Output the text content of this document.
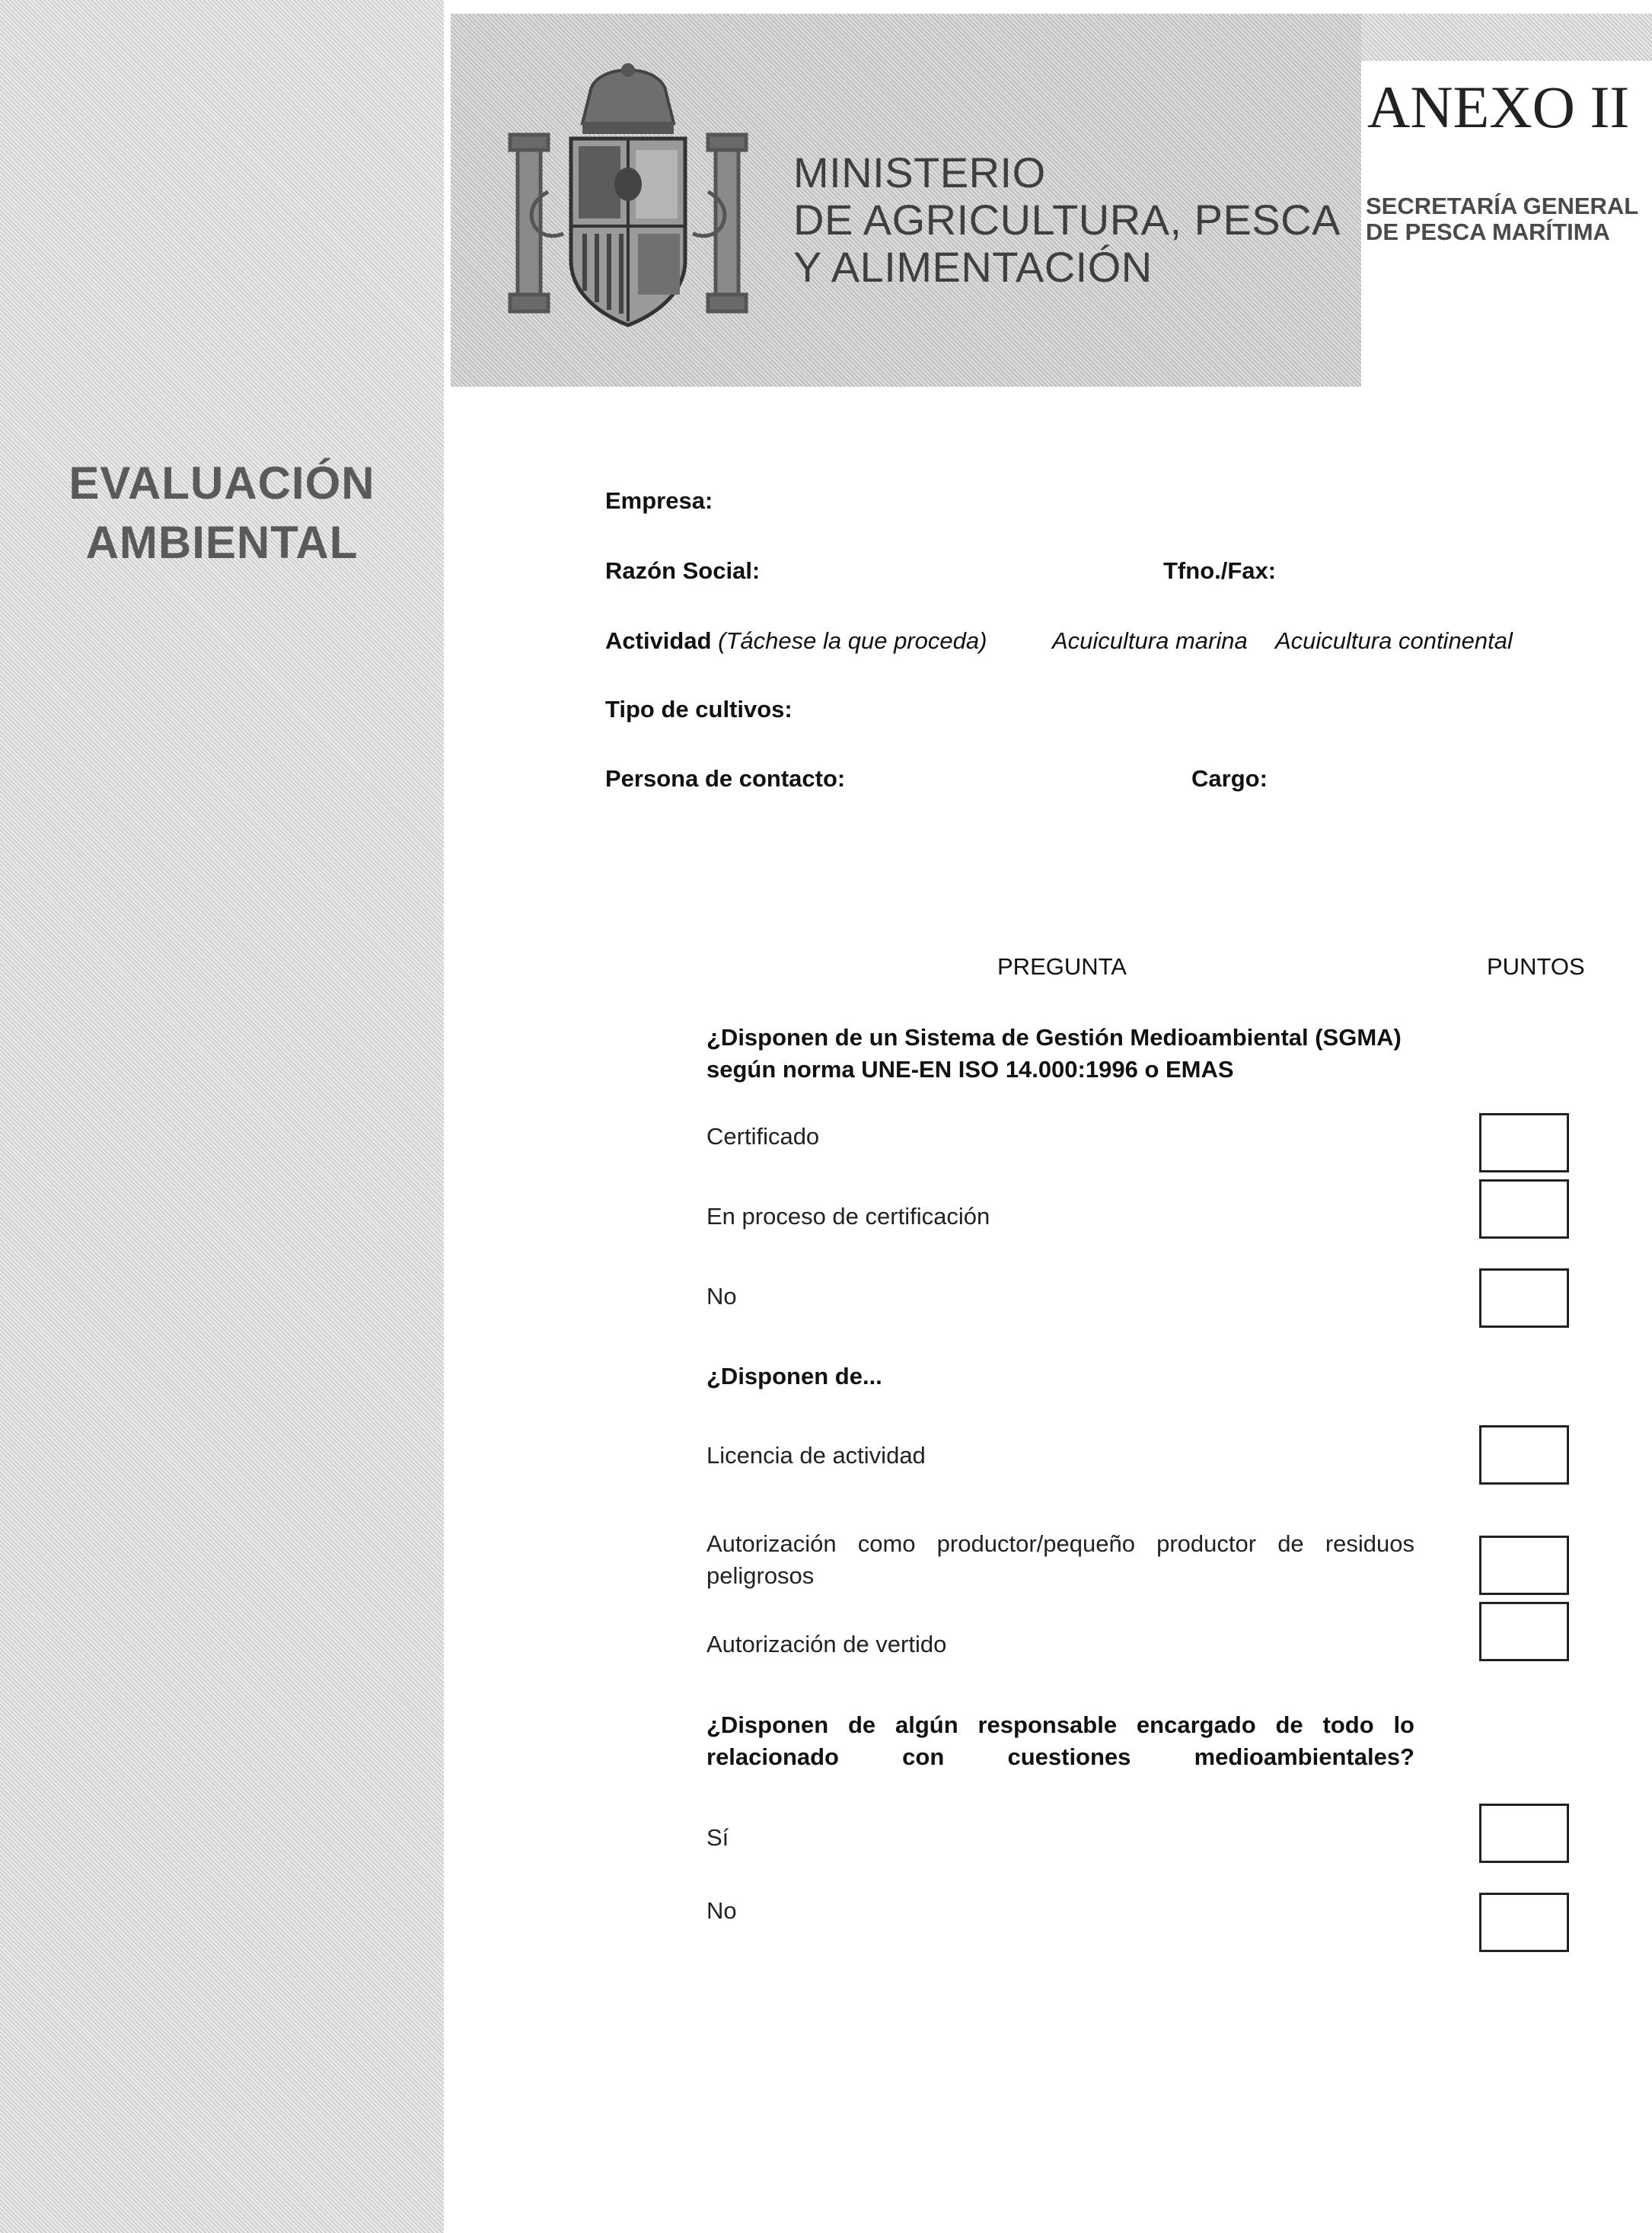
EVALUACIÓN
AMBIENTAL
MINISTERIO
DE AGRICULTURA, PESCA
Y ALIMENTACIÓN
ANEXO II
SECRETARÍA GENERAL
DE PESCA MARÍTIMA
Empresa:
Razón Social:	Tfno./Fax:
Actividad (Táchese la que proceda)	Acuicultura marina Acuicultura continental
Tipo de cultivos:
Persona de contacto:	Cargo:
PREGUNTA	PUNTOS
¿Disponen de un Sistema de Gestión Medioambiental (SGMA) según norma UNE-EN ISO 14.000:1996 o EMAS
Certificado
En proceso de certificación
No
¿Disponen de...
Licencia de actividad
Autorización como productor/pequeño productor de residuos peligrosos
Autorización de vertido
¿Disponen de algún responsable encargado de todo lo relacionado con cuestiones medioambientales?
Sí
No
